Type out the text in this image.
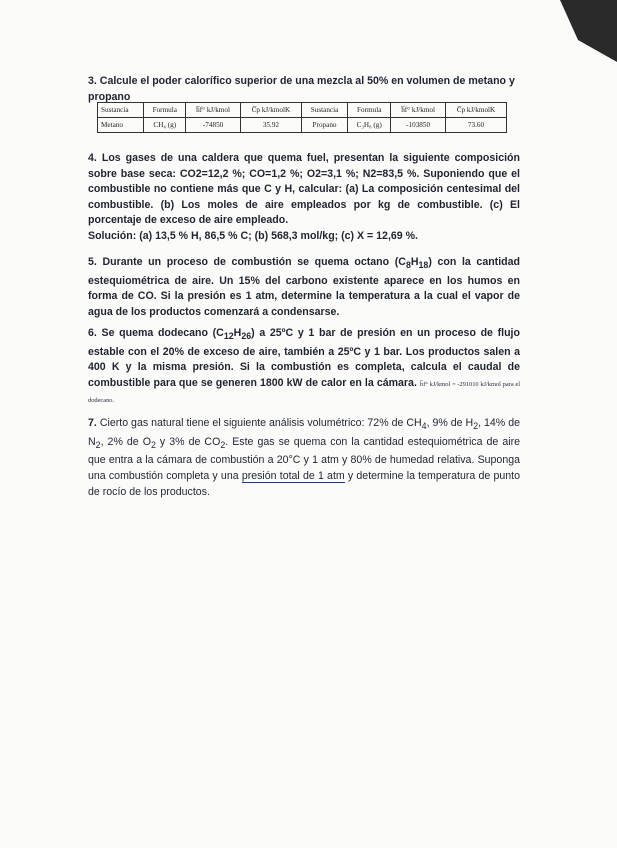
3. Calcule el poder calorífico superior de una mezcla al 50% en volumen de metano y propano
Sustancia	Formula	h̅f° kJ/kmol	C̅p kJ/kmolK	Sustancia	Formula	h̅f° kJ/kmol	C̅p kJ/kmolK
Metano	CH₄ (g)	-74850	35.92	Propano	C₃H₈ (g)	-103850	73.60

4. Los gases de una caldera que quema fuel, presentan la siguiente composición sobre base seca: CO2=12,2 %; CO=1,2 %; O2=3,1 %; N2=83,5 %. Suponiendo que el combustible no contiene más que C y H, calcular: (a) La composición centesimal del combustible. (b) Los moles de aire empleados por kg de combustible. (c) El porcentaje de exceso de aire empleado.

Solución: (a) 13,5 % H, 86,5 % C; (b) 568,3 mol/kg; (c) X = 12,69 %.

5. Durante un proceso de combustión se quema octano $(C_8H_{18})$ con la cantidad estequiométrica de aire. Un 15% del carbono existente aparece en los humos en forma de CO. Si la presión es 1 atm, determine la temperatura a la cual el vapor de agua de los productos comenzará a condensarse.
6. Se quema dodecano $(C_{12}H_{26})$ a 25ºC y 1 bar de presión en un proceso de flujo estable con el 20% de exceso de aire, también a 25ºC y 1 bar. Los productos salen a 400 K y la misma presión. Si la combustión es completa, calcula el caudal de combustible para que se generen 1800 kW de calor en la cámara. h̅f° kJ/kmol = -291010 kJ/kmol para el dodecano.
7. Cierto gas natural tiene el siguiente análisis volumétrico: 72% de $CH_4$, 9% de $H_2$, 14% de $N_2$, 2% de $O_2$ y 3% de $CO_2$. Este gas se quema con la cantidad estequiométrica de aire que entra a la cámara de combustión a 20°C y 1 atm y 80% de humedad relativa. Suponga una combustión completa y una presión total de 1 atm y determine la temperatura de punto de rocío de los productos.
